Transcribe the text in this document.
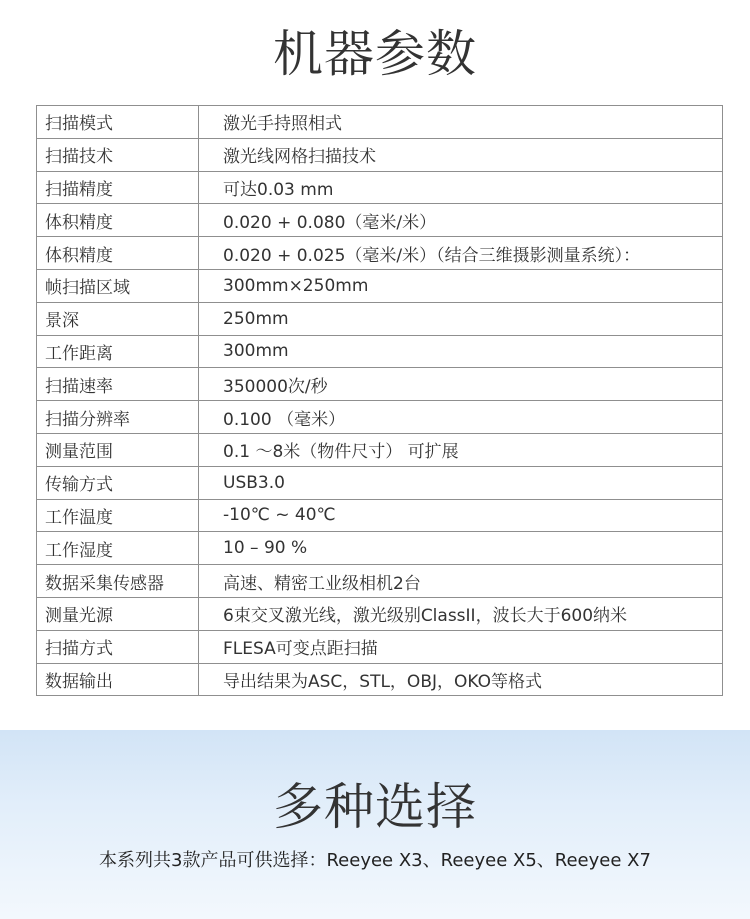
机器参数
扫描模式	激光手持照相式
扫描技术	激光线网格扫描技术
扫描精度	可达0.03 mm
体积精度	0.020 + 0.080（毫米/米）
体积精度	0.020 + 0.025（毫米/米）（结合三维摄影测量系统）：
帧扫描区域	300mm×250mm
景深	250mm
工作距离	300mm
扫描速率	350000次/秒
扫描分辨率	0.100 （毫米）
测量范围	0.1 ～8米（物件尺寸） 可扩展
传输方式	USB3.0
工作温度	-10℃ ~ 40℃
工作湿度	10 – 90 %
数据采集传感器	高速、精密工业级相机2台
测量光源	6束交叉激光线，激光级别ClassII，波长大于600纳米
扫描方式	FLESA可变点距扫描
数据输出	导出结果为ASC，STL，OBJ，OKO等格式
多种选择
本系列共3款产品可供选择：Reeyee X3、Reeyee X5、Reeyee X7
